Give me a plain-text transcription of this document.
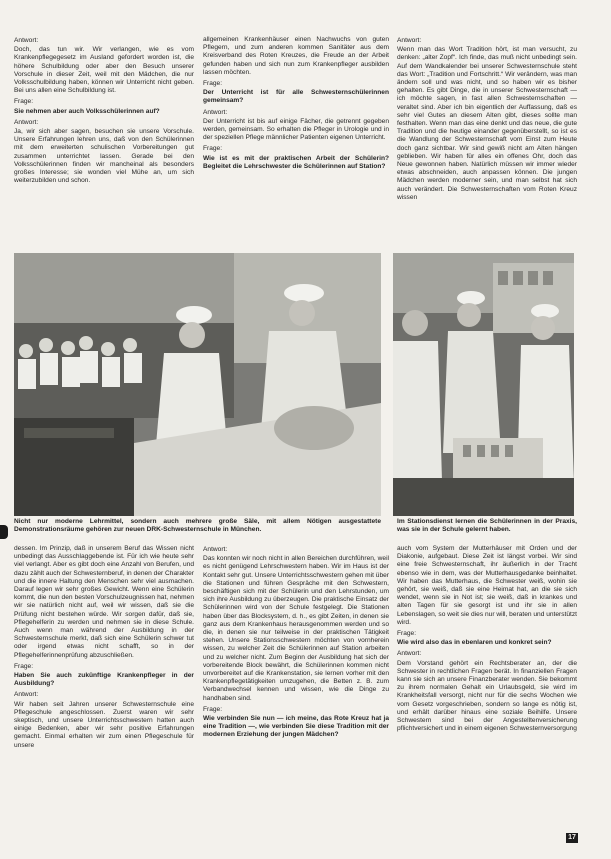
Antwort:

Doch, das tun wir. Wir verlangen, wie es vom Krankenpflegegesetz im Ausland gefordert worden ist, die höhere Schulbildung oder aber den Besuch unserer Vorschule in dieser Zeit, weil mit den Mädchen, die nur Volksschulbildung haben, können wir Unterricht nicht geben. Bei uns allen eine Schulbildung ist.

Frage:
Sie nehmen aber auch Volksschülerinnen auf?
Antwort:

Ja, wir sich aber sagen, besuchen sie unsere Vorschule. Unsere Erfahrungen lehren uns, daß von den Schülerinnen mit dem erweiterten schulischen Vorbereitungen gut zusammen unterrichtet lassen. Gerade bei den Volksschülerinnen finden wir mancheinal als besonders großes Interesse; sie wonden viel Mühe an, um sich weiterzubilden und schon.

allgemeinen Krankenhäuser einen Nachwuchs von guten Pflegern, und zum anderen kommen Sanitäter aus dem Kreisverband des Roten Kreuzes, die Freude an der Arbeit gefunden haben und sich nun zum Krankenpfleger ausbilden lassen möchten.

Frage:
Der Unterricht ist für alle Schwesternschülerinnen gemeinsam?
Antwort:

Der Unterricht ist bis auf einige Fächer, die getrennt gegeben werden, gemeinsam. So erhalten die Pfleger in Urologie und in der speziellen Pflege männlicher Patienten eigenen Unterricht.

Frage:
Wie ist es mit der praktischen Arbeit der Schülerin? Begleitet die Lehrschwester die Schülerinnen auf Station?
Antwort:

Wenn man das Wort Tradition hört, ist man versucht, zu denken: „alter Zopf“. Ich finde, das muß nicht unbedingt sein. Auf dem Wandkalender bei unserer Schwesternschule steht das Wort: „Tradition und Fortschritt.“ Wir verändern, was man ändern soll und was nicht, und so haben wir es bisher gehalten. Es gibt Dinge, die in unserer Schwesternschaft — ich möchte sagen, in fast allen Schwesternschaften — veraltet sind. Aber ich bin eigentlich der Auffassung, daß es sehr viel Gutes an diesem Alten gibt, dieses sollte man festhalten. Wenn man das eine denkt und das neue, die gute Tradition und die heutige einander gegenüberstellt, so ist es die Wandlung der Schwesternschaft vom Einst zum Heute doch ganz sichtbar. Wir sind gewiß nicht am Alten hängen geblieben. Wir haben für alles ein offenes Ohr, doch das Neue gewonnen haben. Natürlich müssen wir immer wieder etwas abschneiden, auch anpassen können. Die jungen Mädchen werden moderner sein, und man selbst hat sich auch verändert. Die Schwesternschaften vom Roten Kreuz wissen

Nicht nur moderne Lehrmittel, sondern auch mehrere große Säle, mit allem Nötigen ausgestattete Demonstrationsräume gehören zur neuen DRK-Schwesternschule in München.
Im Stationsdienst lernen die Schülerinnen in der Praxis, was sie in der Schule gelernt haben.

dessen. Im Prinzip, daß in unserem Beruf das Wissen nicht unbedingt das Ausschlaggebende ist. Für ich wie heute sehr viel verlangt. Aber es gibt doch eine Anzahl von Berufen, und dazu zählt auch der Schwesternberuf, in denen der Charakter und die innere Haltung den Menschen sehr viel ausmachen. Darauf legen wir sehr großes Gewicht. Wenn eine Schülerin kommt, die nun den besten Vorschulzeugnissen hat, nehmen wir sie natürlich nicht auf, weil wir wissen, daß sie die Prüfung nicht bestehen würde. Wir sorgen dafür, daß sie, Pflegehelferin zu werden und nehmen sie in diese Schule. Auch wenn man während der Ausbildung in der Schwesternschule merkt, daß sich eine Schülerin schwer tut oder irgend etwas nicht schafft, so in der Pflegehelferinnenprüfung abzuschließen.

Frage:
Haben Sie auch zukünftige Krankenpfleger in der Ausbildung?
Antwort:

Wir haben seit Jahren unserer Schwesternschule eine Pflegeschule angeschlossen. Zuerst waren wir sehr skeptisch, und unsere Unterrichtsschwestern hatten auch einige Bedenken, aber wir sehr positive Erfahrungen gemacht. Einmal erhalten wir zum einen Pflegeschule für unsere

Antwort:

Das konnten wir noch nicht in allen Bereichen durchführen, weil es nicht genügend Lehrschwestern haben. Wir im Haus ist der Kontakt sehr gut. Unsere Unterrichtsschwestern gehen mit über die Stationen und führen Gespräche mit den Schwestern, beschäftigen sich mit der Schülerin und den Lehrstunden, um sich ihre Ausbildung zu überzeugen. Die praktische Einsatz der Schülerinnen wird von der Schule festgelegt. Die Stationen haben über das Blocksystem, d. h., es gibt Zeiten, in denen sie ganz aus dem Krankenhaus herausgenommen werden und so die, in denen sie nur teilweise in der praktischen Tätigkeit stehen. Unsere Stationsschwestern möchten von vornherein wissen, zu welcher Zeit die Schülerinnen auf Station arbeiten und zu welcher nicht. Zum Beginn der Ausbildung hat sich der vorbereitende Block bewährt, die Schülerinnen kommen nicht unvorbereitet auf die Krankenstation, sie lernen vorher mit den Krankenpflegetätigkeiten umzugehen, die Betten z. B. zum Verbandwechsel kennen und wissen, wie die Dinge zu handhaben sind.

Frage:
Wie verbinden Sie nun — ich meine, das Rote Kreuz hat ja eine Tradition —, wie verbinden Sie diese Tradition mit der modernen Erziehung der jungen Mädchen?

auch vom System der Mutterhäuser mit Orden und der Diakonie, aufgebaut. Diese Zeit ist längst vorbei. Wir sind eine freie Schwesternschaft, ihr äußerlich in der Tracht ebenso wie in dem, was der Mutterhausgedanke beinhaltet. Wir haben das Mutterhaus, die Schwester weiß, wohin sie gehört, sie weiß, daß sie eine Heimat hat, an die sie sich wendet, wenn sie in Not ist; sie weiß, daß in krankes und alten Tagen für sie gesorgt ist und ihr sie in allen Lebenslagen, so weit sie dies nur will, beraten und unterstützt wird.

Frage:
Wie wird also das in ebenlaren und konkret sein?
Antwort:

Dem Vorstand gehört ein Rechtsberater an, der die Schwester in rechtlichen Fragen berät. In finanziellen Fragen kann sie sich an unsere Finanzberater wenden. Sie bekommt zu ihrem normalen Gehalt ein Urlaubsgeld, sie wird im Krankheitsfall versorgt, nicht nur für die sechs Wochen wie vom Gesetz vorgeschrieben, sondern so lange es nötig ist, und erhält darüber hinaus eine soziale Beihilfe. Unsere Schwestern sind bei der Angestelltenversicherung pflichtversichert und in einem eigenen Schwesternversorgung

17
